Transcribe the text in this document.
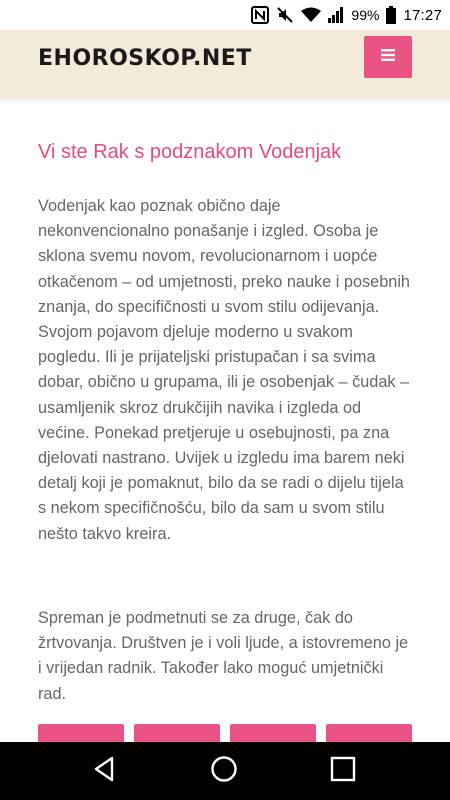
99% 17:27
EHOROSKOP.NET
Vi ste Rak s podznakom Vodenjak

Vodenjak kao poznak obično daje nekonvencionalno ponašanje i izgled. Osoba je sklona svemu novom, revolucionarnom i uopće otkačenom – od umjetnosti, preko nauke i posebnih znanja, do specifičnosti u svom stilu odijevanja. Svojom pojavom djeluje moderno u svakom pogledu. Ili je prijateljski pristupačan i sa svima dobar, obično u grupama, ili je osobenjak – čudak – usamljenik skroz drukčijih navika i izgleda od većine. Ponekad pretjeruje u osebujnosti, pa zna djelovati nastrano. Uvijek u izgledu ima barem neki detalj koji je pomaknut, bilo da se radi o dijelu tijela s nekom specifičnošću, bilo da sam u svom stilu nešto takvo kreira.

Spreman je podmetnuti se za druge, čak do žrtvovanja. Društven je i voli ljude, a istovremeno je i vrijedan radnik. Također lako moguć umjetnički rad.
